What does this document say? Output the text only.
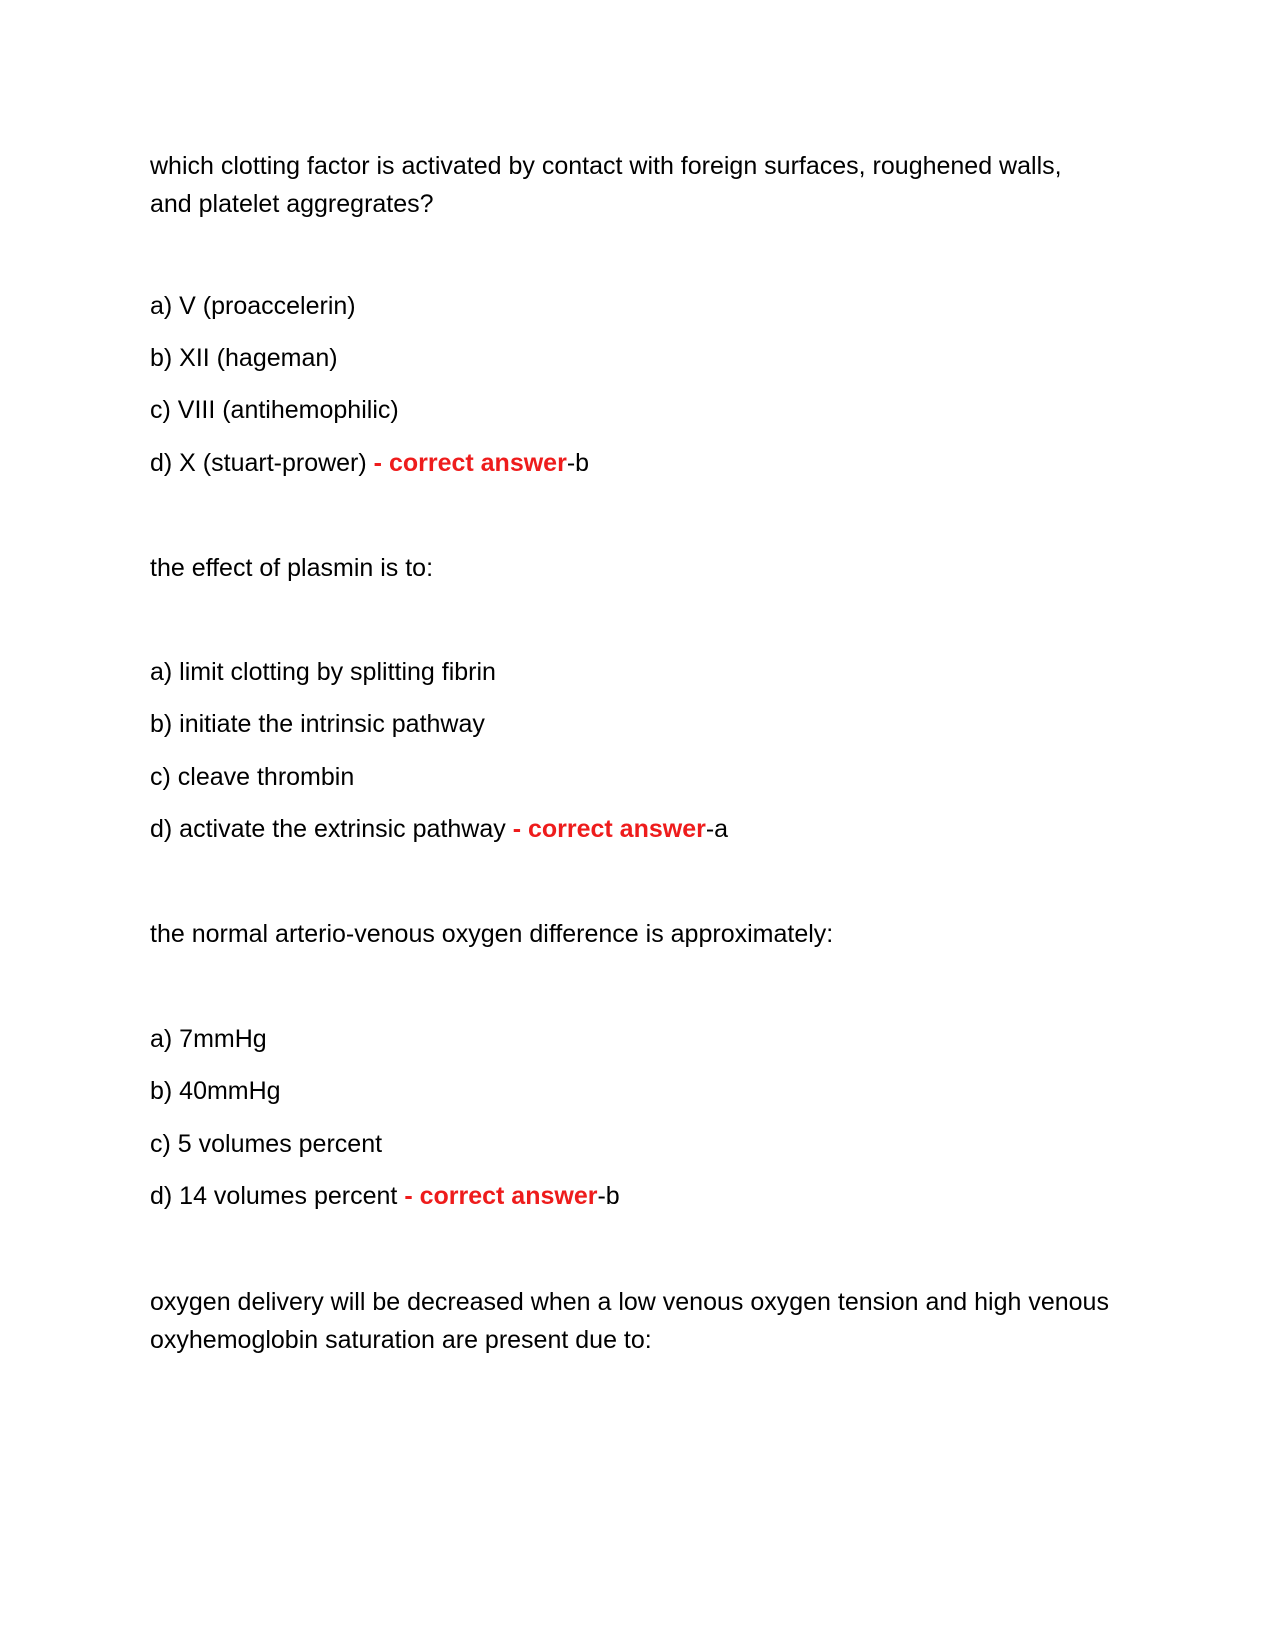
which clotting factor is activated by contact with foreign surfaces, roughened walls, and platelet aggregrates?
a) V (proaccelerin)
b) XII (hageman)
c) VIII (antihemophilic)
d) X (stuart-prower) - correct answer-b
the effect of plasmin is to:
a) limit clotting by splitting fibrin
b) initiate the intrinsic pathway
c) cleave thrombin
d) activate the extrinsic pathway - correct answer-a
the normal arterio-venous oxygen difference is approximately:
a) 7mmHg
b) 40mmHg
c) 5 volumes percent
d) 14 volumes percent - correct answer-b
oxygen delivery will be decreased when a low venous oxygen tension and high venous oxyhemoglobin saturation are present due to:
